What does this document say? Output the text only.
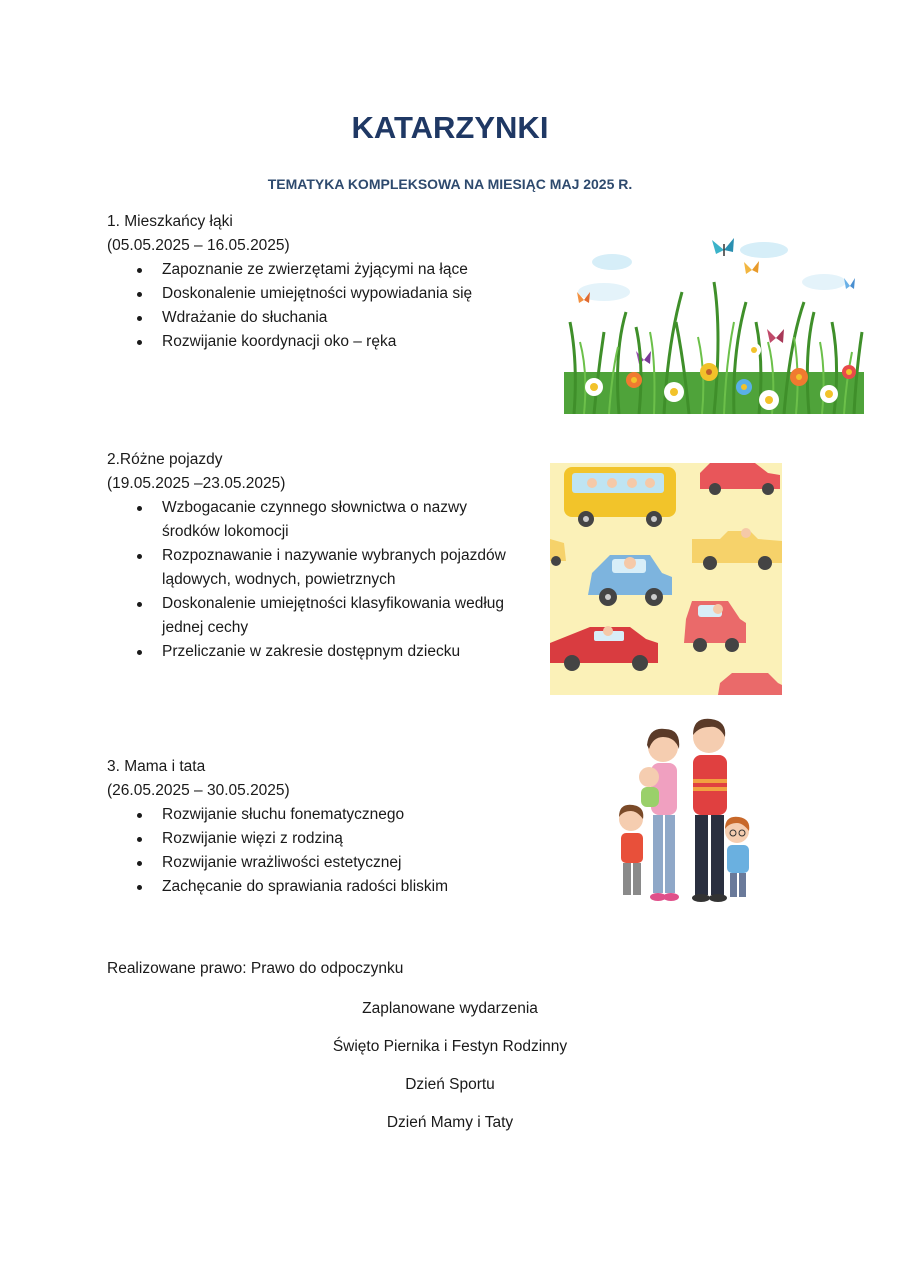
KATARZYNKI
TEMATYKA KOMPLEKSOWA NA MIESIĄC MAJ 2025 R.

1. Mieszkańcy łąki

(05.05.2025 – 16.05.2025)

Zapoznanie ze zwierzętami żyjącymi na łące
Doskonalenie umiejętności wypowiadania się
Wdrażanie do słuchania
Rozwijanie koordynacji oko – ręka

2.Różne pojazdy

(19.05.2025 –23.05.2025)

Wzbogacanie czynnego słownictwa o nazwy środków lokomocji
Rozpoznawanie i nazywanie wybranych pojazdów lądowych, wodnych, powietrznych
Doskonalenie umiejętności klasyfikowania według jednej cechy
Przeliczanie w zakresie dostępnym dziecku

3. Mama i tata

(26.05.2025 – 30.05.2025)

Rozwijanie słuchu fonematycznego
Rozwijanie więzi z rodziną
Rozwijanie wrażliwości estetycznej
Zachęcanie do sprawiania radości bliskim

Realizowane prawo: Prawo do odpoczynku

Zaplanowane wydarzenia

Święto Piernika i Festyn Rodzinny

Dzień Sportu

Dzień Mamy i Taty
